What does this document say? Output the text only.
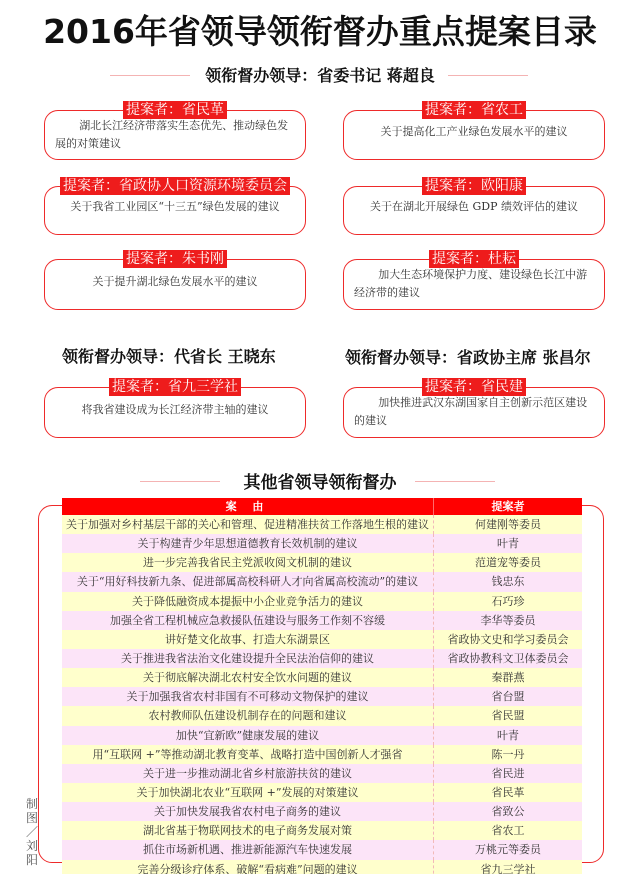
2016年省领导领衔督办重点提案目录
领衔督办领导：省委书记 蒋超良
提案者：省民革
湖北长江经济带落实生态优先、推动绿色发展的对策建议
提案者：省农工
关于提高化工产业绿色发展水平的建议
提案者：省政协人口资源环境委员会
关于我省工业园区“十三五”绿色发展的建议
提案者：欧阳康
关于在湖北开展绿色 GDP 绩效评估的建议
提案者：朱书刚
关于提升湖北绿色发展水平的建议
提案者：杜耘
加大生态环境保护力度、建设绿色长江中游经济带的建议
领衔督办领导：代省长 王晓东	领衔督办领导：省政协主席 张昌尔
提案者：省九三学社
将我省建设成为长江经济带主轴的建议
提案者：省民建
加快推进武汉东湖国家自主创新示范区建设的建议
其他省领导领衔督办
案 由	提案者
关于加强对乡村基层干部的关心和管理、促进精准扶贫工作落地生根的建议	何建刚等委员
关于构建青少年思想道德教育长效机制的建议	叶青
进一步完善我省民主党派收阅文机制的建议	范道宠等委员
关于“用好科技新九条、促进部属高校科研人才向省属高校流动”的建议	钱忠东
关于降低融资成本提振中小企业竞争活力的建议	石巧珍
加强全省工程机械应急救援队伍建设与服务工作刻不容缓	李华等委员
讲好楚文化故事、打造大东湖景区	省政协文史和学习委员会
关于推进我省法治文化建设提升全民法治信仰的建议	省政协教科文卫体委员会
关于彻底解决湖北农村安全饮水问题的建议	秦群燕
关于加强我省农村非国有不可移动文物保护的建议	省台盟
农村教师队伍建设机制存在的问题和建议	省民盟
加快“宜新欧”健康发展的建议	叶青
用“互联网 +”等推动湖北教育变革、战略打造中国创新人才强省	陈一丹
关于进一步推动湖北省乡村旅游扶贫的建议	省民进
关于加快湖北农业“互联网 +”发展的对策建议	省民革
关于加快发展我省农村电子商务的建议	省致公
湖北省基于物联网技术的电子商务发展对策	省农工
抓住市场新机遇、推进新能源汽车快速发展	万桃元等委员
完善分级诊疗体系、破解“看病难”问题的建议	省九三学社
制图／刘阳
